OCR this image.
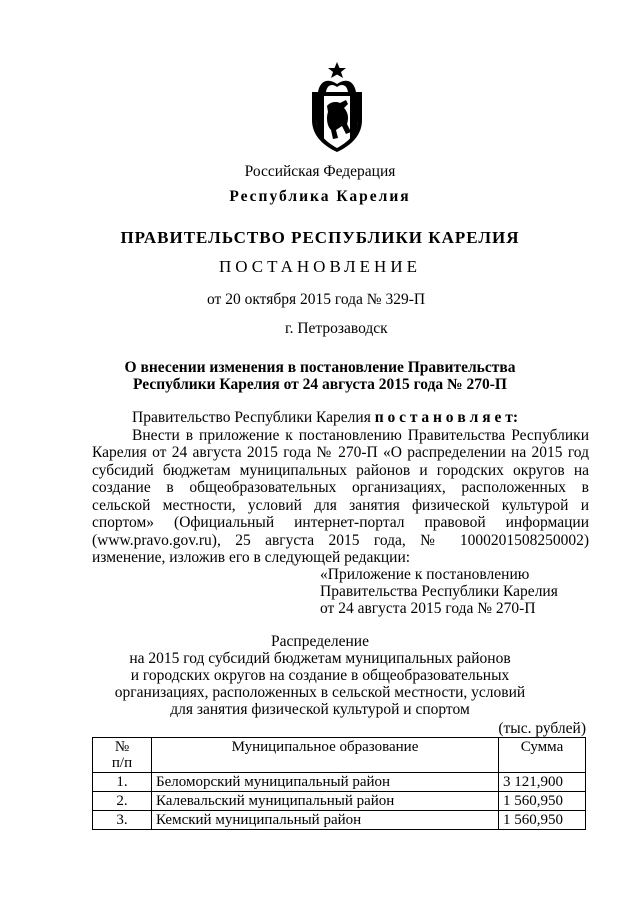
Российская Федерация
Республика Карелия
ПРАВИТЕЛЬСТВО РЕСПУБЛИКИ КАРЕЛИЯ
ПОСТАНОВЛЕНИЕ
от 20 октября 2015 года № 329-П
г. Петрозаводск
О внесении изменения в постановление Правительства
Республики Карелия от 24 августа 2015 года № 270-П

Правительство Республики Карелия п о с т а н о в л я е т:

Внести в приложение к постановлению Правительства Республики Карелия от 24 августа 2015 года № 270-П «О распределении на 2015 год субсидий бюджетам муниципальных районов и городских округов на создание в общеобразовательных организациях, расположенных в сельской местности, условий для занятия физической культурой и спортом» (Официальный интернет-портал правовой информации (www.pravo.gov.ru), 25 августа 2015 года, № 1000201508250002) изменение, изложив его в следующей редакции:

«Приложение к постановлению
Правительства Республики Карелия
от 24 августа 2015 года № 270-П
Распределение
на 2015 год субсидий бюджетам муниципальных районов
и городских округов на создание в общеобразовательных
организациях, расположенных в сельской местности, условий
для занятия физической культурой и спортом
(тыс. рублей)
№
п/п	Муниципальное образование	Сумма
1.	Беломорский муниципальный район	3 121,900
2.	Калевальский муниципальный район	1 560,950
3.	Кемский муниципальный район	1 560,950
